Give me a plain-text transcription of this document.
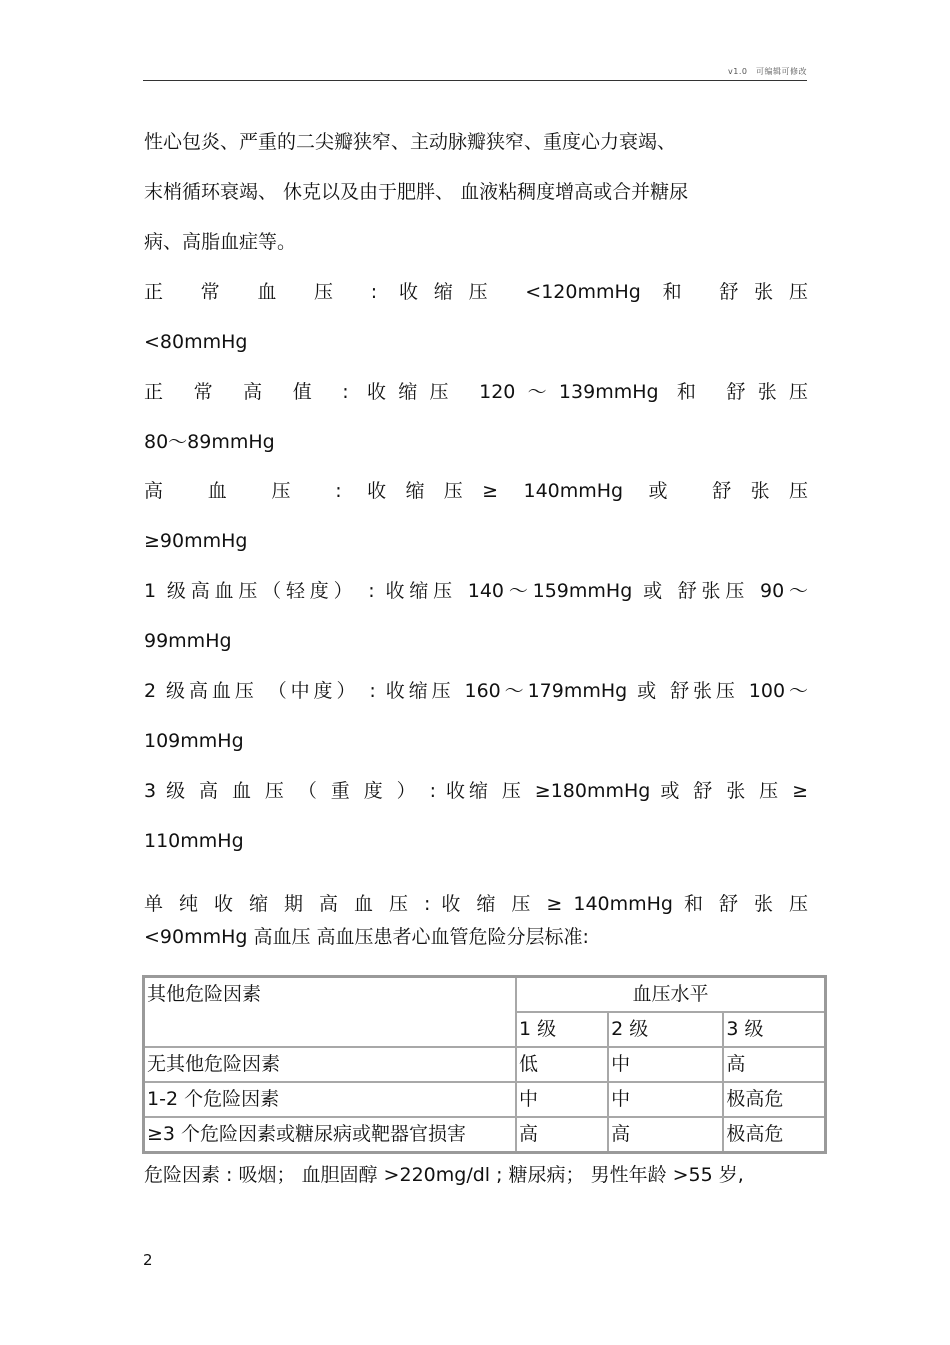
v1.0　可编辑可修改
性心包炎、严重的二尖瓣狭窄、主动脉瓣狭窄、重度心力衰竭、
末梢循环衰竭、 休克以及由于肥胖、 血液粘稠度增高或合并糖尿
病、高脂血症等。
正 常 血 压 : 收缩压 <120mmHg 和 舒张压
<80mmHg
正 常 高 值 : 收缩压 120～139mmHg 和 舒张压
80～89mmHg
高 血 压 : 收缩压≥ 140mmHg 或 舒张压
≥90mmHg
1 级高血压（轻度） : 收缩压 140～159mmHg 或 舒张压 90～
99mmHg
2 级高血压 （中度） : 收缩压 160～179mmHg 或 舒张压 100～
109mmHg
3 级 高 血 压 （ 重 度 ） : 收缩 压 ≥180mmHg 或 舒 张 压 ≥
110mmHg
单 纯 收 缩 期 高 血 压 : 收 缩 压 ≥ 140mmHg 和 舒 张 压
<90mmHg 高血压 高血压患者心血管危险分层标准:
其他危险因素	血压水平		
	1 级	2 级	3 级
无其他危险因素	低	中	高
1-2 个危险因素	中	中	极高危
≥3 个危险因素或糖尿病或靶器官损害	高	高	极高危
危险因素 : 吸烟； 血胆固醇 >220mg/dl ; 糖尿病； 男性年龄 >55 岁,
2
